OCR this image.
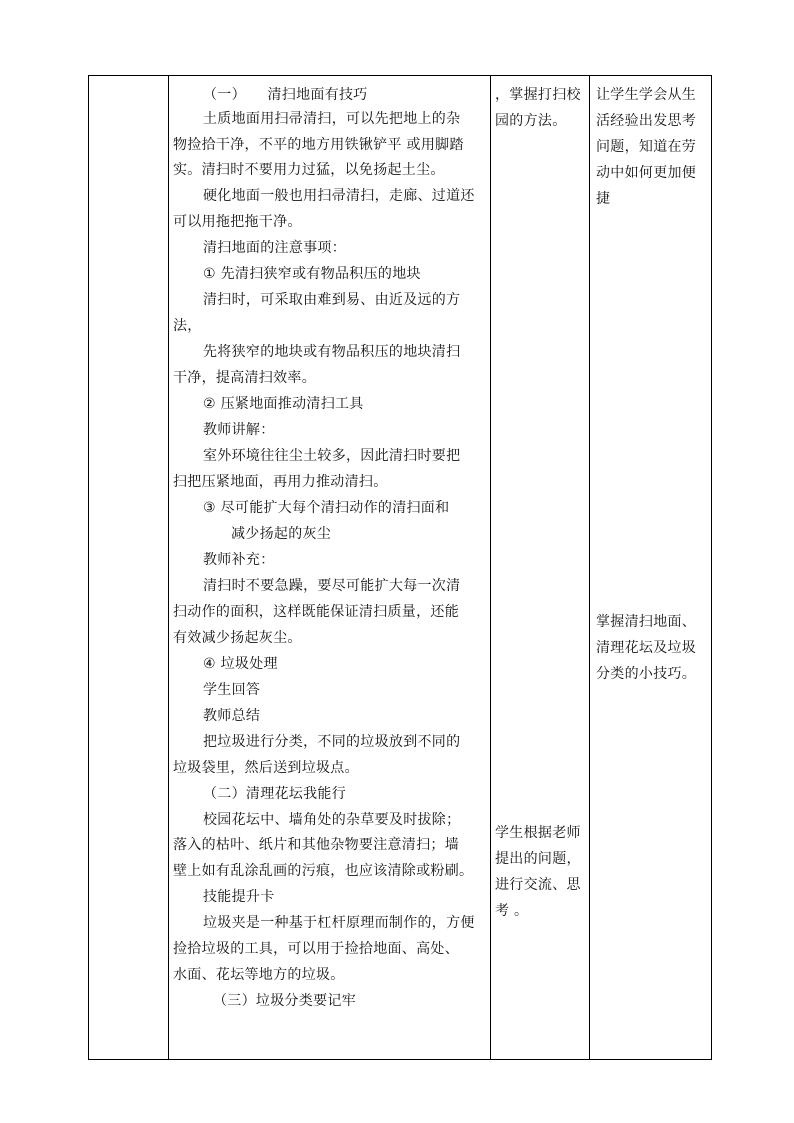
（一）　　清扫地面有技巧
土质地面用扫帚清扫，可以先把地上的杂
物捡拾干净，不平的地方用铁锹铲平 或用脚踏
实。清扫时不要用力过猛，以免扬起土尘。
硬化地面一般也用扫帚清扫，走廊、过道还
可以用拖把拖干净。
清扫地面的注意事项：
① 先清扫狭窄或有物品积压的地块
清扫时，可采取由难到易、由近及远的方
法，
先将狭窄的地块或有物品积压的地块清扫
干净，提高清扫效率。
② 压紧地面推动清扫工具
教师讲解：
室外环境往往尘土较多，因此清扫时要把
扫把压紧地面，再用力推动清扫。
③ 尽可能扩大每个清扫动作的清扫面和
减少扬起的灰尘
教师补充：
清扫时不要急躁，要尽可能扩大每一次清
扫动作的面积，这样既能保证清扫质量，还能
有效减少扬起灰尘。
④ 垃圾处理
学生回答
教师总结
把垃圾进行分类，不同的垃圾放到不同的
垃圾袋里，然后送到垃圾点。
（二）清理花坛我能行
校园花坛中、墙角处的杂草要及时拔除；
落入的枯叶、纸片和其他杂物要注意清扫；墙
壁上如有乱涂乱画的污痕，也应该清除或粉刷。
技能提升卡
垃圾夹是一种基于杠杆原理而制作的，方便
捡拾垃圾的工具，可以用于捡拾地面、高处、
水面、花坛等地方的垃圾。
（三）垃圾分类要记牢

，掌握打扫校
园的方法。
学生根据老师
提出的问题，
进行交流、思
考 。

让学生学会从生
活经验出发思考
问题，知道在劳
动中如何更加便
捷
掌握清扫地面、
清理花坛及垃圾
分类的小技巧。
